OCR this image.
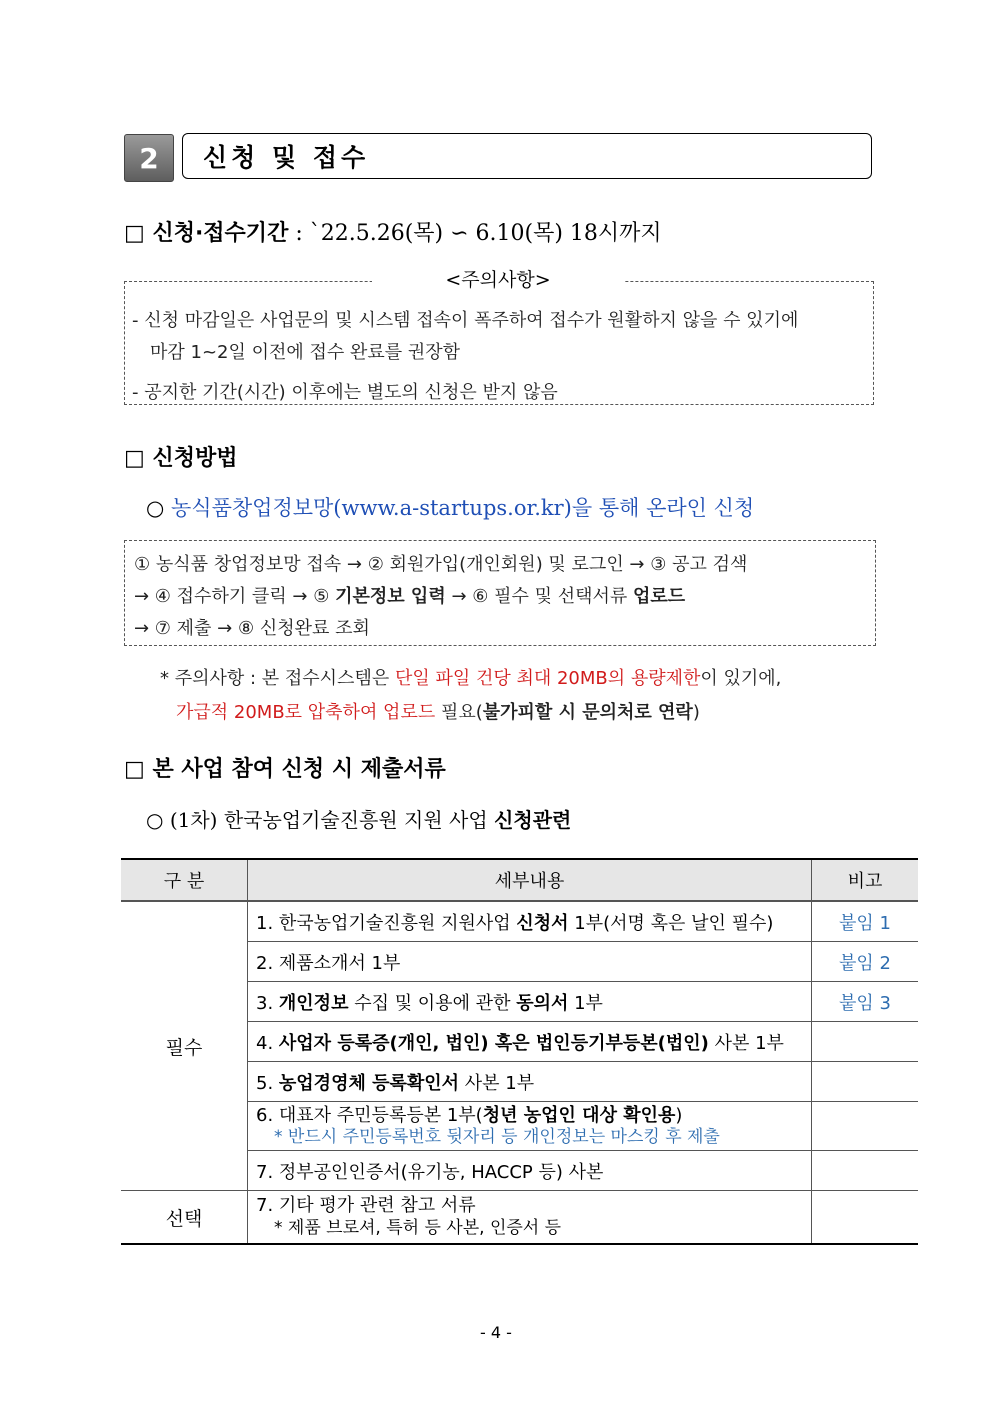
2	신청 및 접수
□ 신청·접수기간 : `22.5.26(목) ∽ 6.10(목) 18시까지
<주의사항>
- 신청 마감일은 사업문의 및 시스템 접속이 폭주하여 접수가 원활하지 않을 수 있기에
마감 1~2일 이전에 접수 완료를 권장함
- 공지한 기간(시간) 이후에는 별도의 신청은 받지 않음
□ 신청방법
○ 농식품창업정보망(www.a-startups.or.kr)을 통해 온라인 신청
① 농식품 창업정보망 접속 → ② 회원가입(개인회원) 및 로그인 → ③ 공고 검색
→ ④ 접수하기 클릭 → ⑤ 기본정보 입력 → ⑥ 필수 및 선택서류 업로드
→ ⑦ 제출 → ⑧ 신청완료 조회
* 주의사항 : 본 접수시스템은 단일 파일 건당 최대 20MB의 용량제한이 있기에,
가급적 20MB로 압축하여 업로드 필요(불가피할 시 문의처로 연락)
□ 본 사업 참여 신청 시 제출서류
○ (1차) 한국농업기술진흥원 지원 사업 신청관련
구 분	세부내용	비고
필수	1. 한국농업기술진흥원 지원사업 신청서 1부(서명 혹은 날인 필수)	붙임 1
	2. 제품소개서 1부	붙임 2
	3. 개인정보 수집 및 이용에 관한 동의서 1부	붙임 3
	4. 사업자 등록증(개인, 법인) 혹은 법인등기부등본(법인) 사본 1부	
	5. 농업경영체 등록확인서 사본 1부	

	6. 대표자 주민등록등본 1부(청년 농업인 대상 확인용)
* 반드시 주민등록번호 뒷자리 등 개인정보는 마스킹 후 제출	

	7. 정부공인인증서(유기농, HACCP 등) 사본	
선택	7. 기타 평가 관련 참고 서류
* 제품 브로셔, 특허 등 사본, 인증서 등	

- 4 -
